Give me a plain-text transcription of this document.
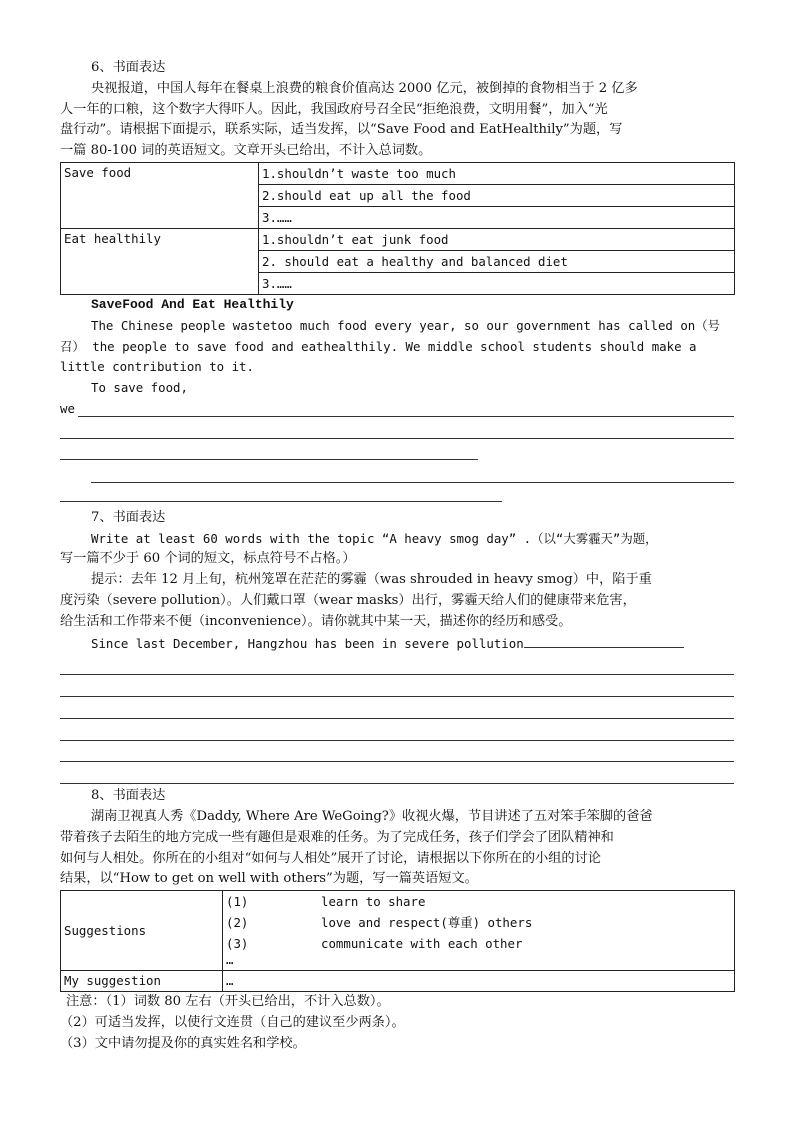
6、书面表达
央视报道，中国人每年在餐桌上浪费的粮食价值高达 2000 亿元，被倒掉的食物相当于 2 亿多
人一年的口粮，这个数字大得吓人。因此，我国政府号召全民“拒绝浪费，文明用餐”，加入“光
盘行动”。请根据下面提示，联系实际，适当发挥，以“Save Food and EatHealthily”为题，写
一篇 80-100 词的英语短文。文章开头已给出，不计入总词数。
Save food	1.shouldn’t waste too much
2.should eat up all the food
3.……

Eat healthily	1.shouldn’t eat junk food
2. should eat a healthy and balanced diet
3.……
SaveFood And Eat Healthily
The Chinese people wastetoo much food every year, so our government has called on（号
召） the people to save food and eathealthily. We middle school students should make a
little contribution to it.
To save food,
we
7、书面表达
Write at least 60 words with the topic “A heavy smog day” .（以“大雾霾天”为题，
写一篇不少于 60 个词的短文，标点符号不占格。）
提示：去年 12 月上旬，杭州笼罩在茫茫的雾霾（was shrouded in heavy smog）中，陷于重
度污染（severe pollution）。人们戴口罩（wear masks）出行，雾霾天给人们的健康带来危害，
给生活和工作带来不便（inconvenience）。请你就其中某一天，描述你的经历和感受。
Since last December, Hangzhou has been in severe pollution
8、书面表达
湖南卫视真人秀《Daddy, Where Are WeGoing?》收视火爆，节目讲述了五对笨手笨脚的爸爸
带着孩子去陌生的地方完成一些有趣但是艰难的任务。为了完成任务，孩子们学会了团队精神和
如何与人相处。你所在的小组对“如何与人相处”展开了讨论，请根据以下你所在的小组的讨论
结果，以“How to get on well with others”为题，写一篇英语短文。
Suggestions	(1) learn to share
(2) love and respect(尊重) others
(3) communicate with each other
…

My suggestion	…
注意：（1）词数 80 左右（开头已给出，不计入总数）。
（2）可适当发挥，以使行文连贯（自己的建议至少两条）。
（3）文中请勿提及你的真实姓名和学校。
